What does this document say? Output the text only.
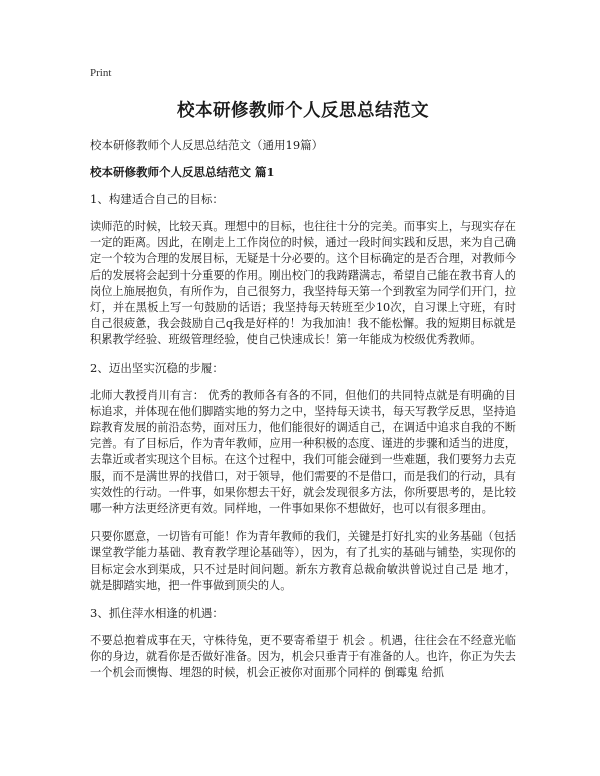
Print
校本研修教师个人反思总结范文
校本研修教师个人反思总结范文（通用19篇）
校本研修教师个人反思总结范文 篇1
1、构建适合自己的目标：

读师范的时候，比较天真。理想中的目标，也往往十分的完美。而事实上，与现实存在一定的距离。因此，在刚走上工作岗位的时候，通过一段时间实践和反思，来为自己确定一个较为合理的发展目标，无疑是十分必要的。这个目标确定的是否合理，对教师今后的发展将会起到十分重要的作用。刚出校门的我踌躇满志，希望自己能在教书育人的岗位上施展抱负，有所作为，自己很努力，我坚持每天第一个到教室为同学们开门，拉灯，并在黑板上写一句鼓励的话语；我坚持每天转班至少10次，自习课上守班，有时自己很疲惫，我会鼓励自己q我是好样的！为我加油！我不能松懈。我的短期目标就是积累教学经验、班级管理经验，使自己快速成长！第一年能成为校级优秀教师。

2、迈出坚实沉稳的步履：

北师大教授肖川有言： 优秀的教师各有各的不同，但他们的共同特点就是有明确的目标追求，并体现在他们脚踏实地的努力之中，坚持每天读书，每天写教学反思，坚持追踪教育发展的前沿态势，面对压力，他们能很好的调适自己，在调适中追求自我的不断完善。有了目标后，作为青年教师，应用一种积极的态度、谨进的步骤和适当的进度，去靠近或者实现这个目标。在这个过程中，我们可能会碰到一些难题，我们要努力去克服，而不是满世界的找借口，对于领导，他们需要的不是借口，而是我们的行动，具有实效性的行动。一件事，如果你想去干好，就会发现很多方法，你所要思考的，是比较哪一种方法更经济更有效。同样地，一件事如果你不想做好，也可以有很多理由。

只要你愿意，一切皆有可能！作为青年教师的我们，关键是打好扎实的业务基础（包括课堂教学能力基础、教育教学理论基础等），因为，有了扎实的基础与铺垫，实现你的目标定会水到渠成，只不过是时间问题。新东方教育总裁俞敏洪曾说过自己是 地才，就是脚踏实地，把一件事做到顶尖的人。

3、抓住萍水相逢的机遇：

不要总抱着成事在天，守株待兔，更不要寄希望于 机会 。机遇，往往会在不经意光临你的身边，就看你是否做好准备。因为，机会只垂青于有准备的人。也许，你正为失去一个机会而懊悔、埋怨的时候，机会正被你对面那个同样的 倒霉鬼 给抓
